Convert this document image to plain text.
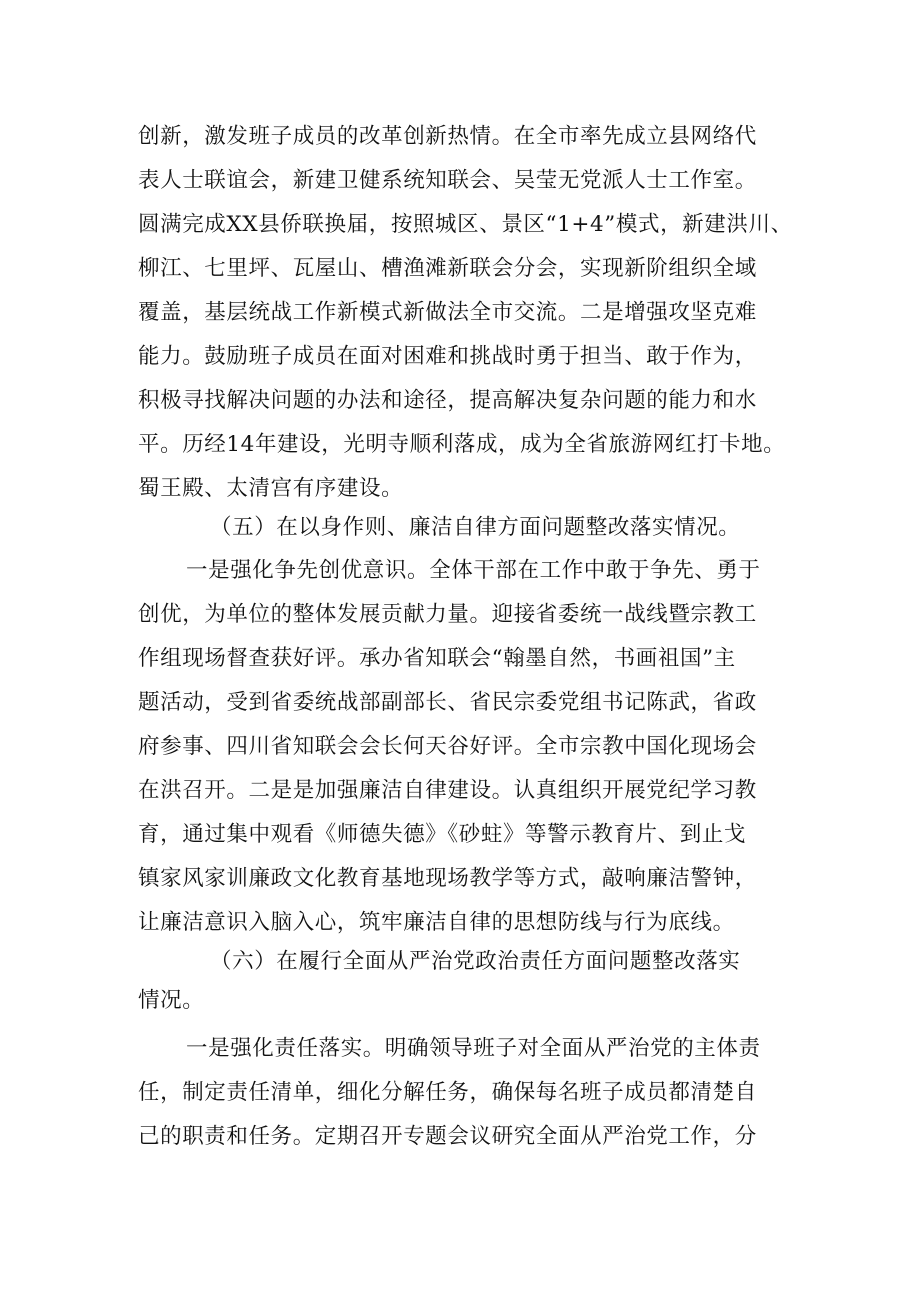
创新，激发班子成员的改革创新热情。在全市率先成立县网络代
表人士联谊会，新建卫健系统知联会、吴莹无党派人士工作室。
圆满完成XX县侨联换届，按照城区、景区“1+4”模式，新建洪川、
柳江、七里坪、瓦屋山、槽渔滩新联会分会，实现新阶组织全域
覆盖，基层统战工作新模式新做法全市交流。二是增强攻坚克难
能力。鼓励班子成员在面对困难和挑战时勇于担当、敢于作为，
积极寻找解决问题的办法和途径，提高解决复杂问题的能力和水
平。历经14年建设，光明寺顺利落成，成为全省旅游网红打卡地。
蜀王殿、太清宫有序建设。
（五）在以身作则、廉洁自律方面问题整改落实情况。
一是强化争先创优意识。全体干部在工作中敢于争先、勇于
创优，为单位的整体发展贡献力量。迎接省委统一战线暨宗教工
作组现场督查获好评。承办省知联会“翰墨自然，书画祖国”主
题活动，受到省委统战部副部长、省民宗委党组书记陈武，省政
府参事、四川省知联会会长何天谷好评。全市宗教中国化现场会
在洪召开。二是是加强廉洁自律建设。认真组织开展党纪学习教
育，通过集中观看《师德失德》《砂蛀》等警示教育片、到止戈
镇家风家训廉政文化教育基地现场教学等方式，敲响廉洁警钟，
让廉洁意识入脑入心，筑牢廉洁自律的思想防线与行为底线。
（六）在履行全面从严治党政治责任方面问题整改落实
情况。
一是强化责任落实。明确领导班子对全面从严治党的主体责
任，制定责任清单，细化分解任务，确保每名班子成员都清楚自
己的职责和任务。定期召开专题会议研究全面从严治党工作，分
